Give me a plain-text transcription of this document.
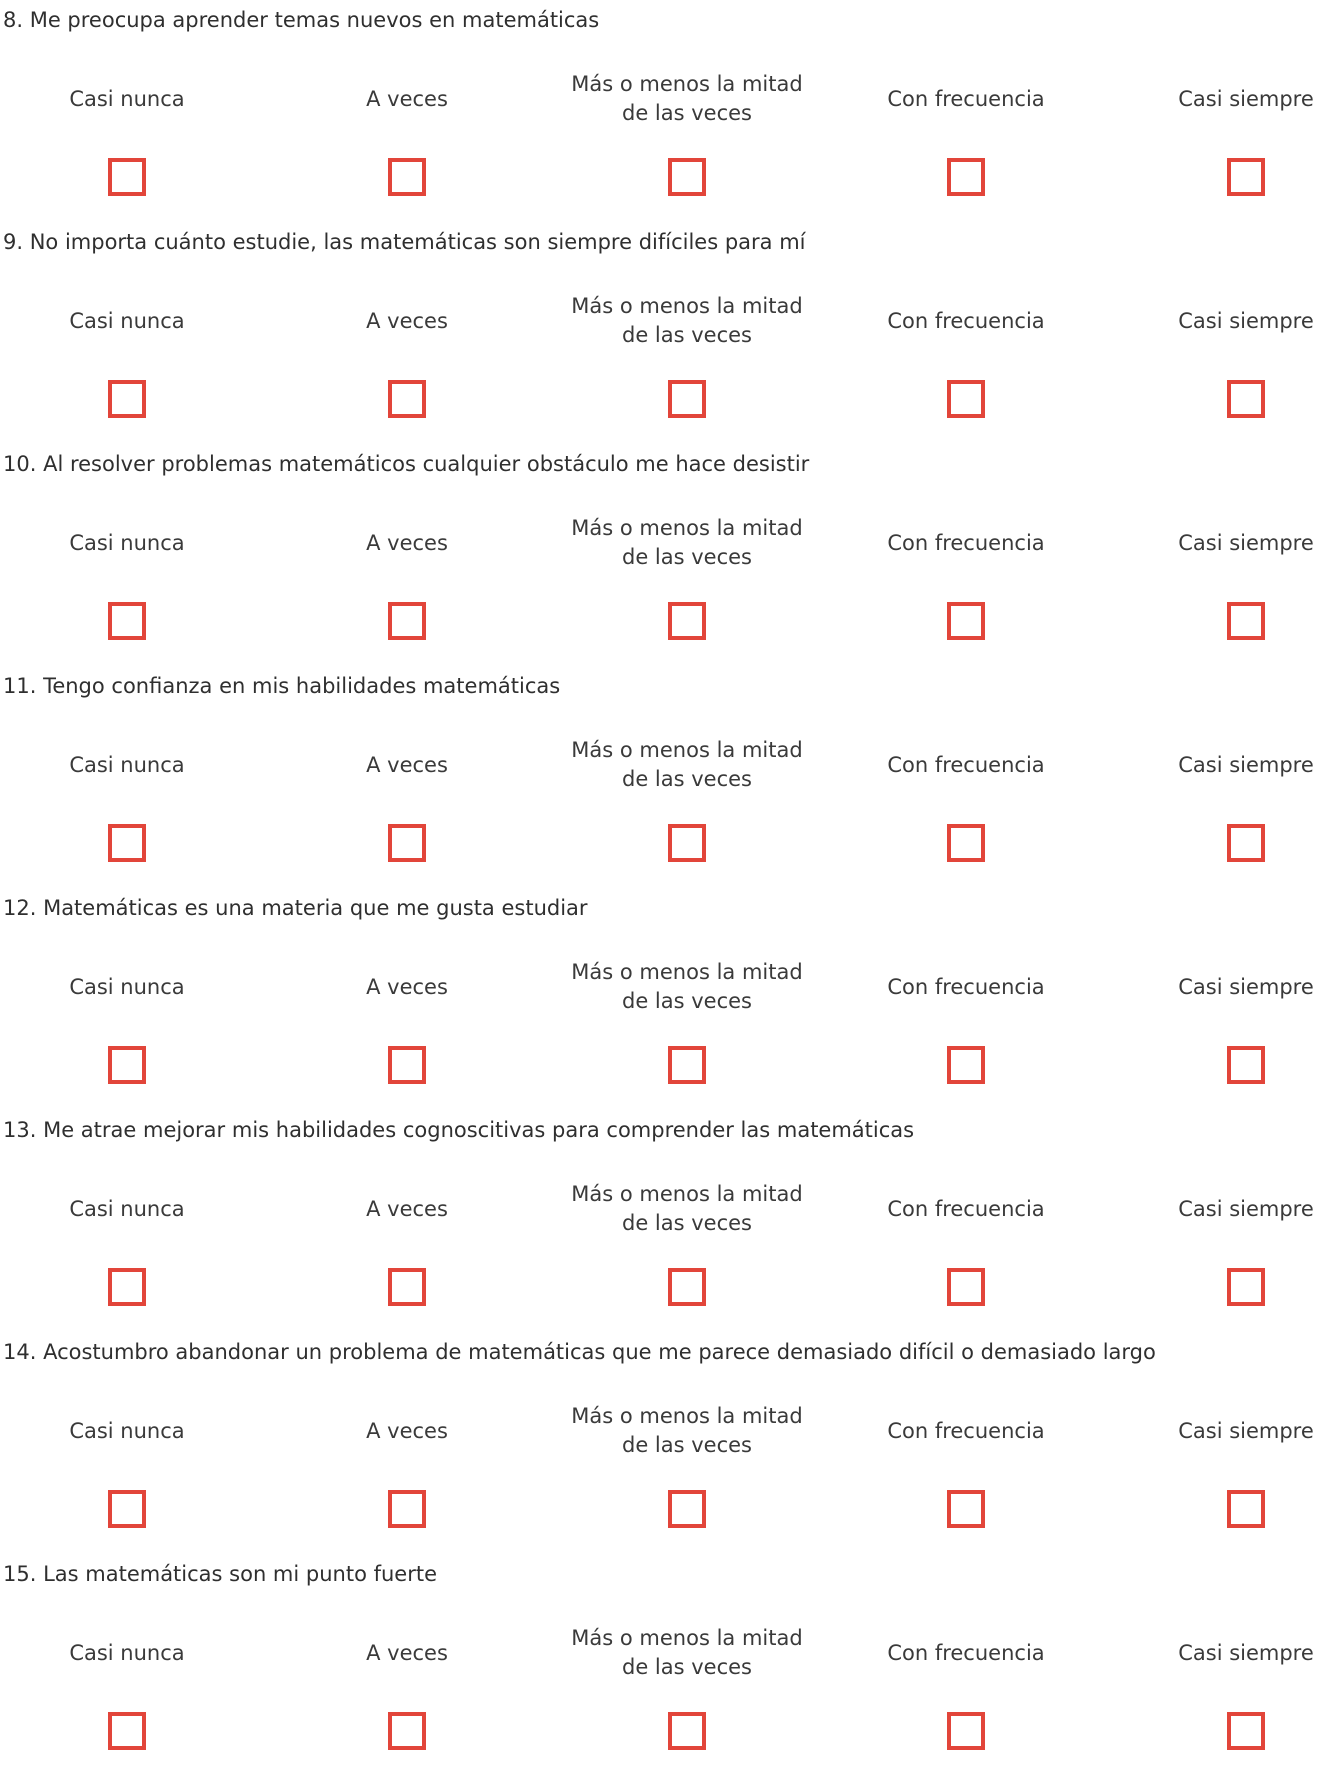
8. Me preocupa aprender temas nuevos en matemáticas
Casi nunca	A veces
Más o menos la mitad
de las veces
Con frecuencia	Casi siempre
9. No importa cuánto estudie, las matemáticas son siempre difíciles para mí
Casi nunca	A veces
Más o menos la mitad
de las veces
Con frecuencia	Casi siempre
10. Al resolver problemas matemáticos cualquier obstáculo me hace desistir
Casi nunca	A veces
Más o menos la mitad
de las veces
Con frecuencia	Casi siempre
11. Tengo confianza en mis habilidades matemáticas
Casi nunca	A veces
Más o menos la mitad
de las veces
Con frecuencia	Casi siempre
12. Matemáticas es una materia que me gusta estudiar
Casi nunca	A veces
Más o menos la mitad
de las veces
Con frecuencia	Casi siempre
13. Me atrae mejorar mis habilidades cognoscitivas para comprender las matemáticas
Casi nunca	A veces
Más o menos la mitad
de las veces
Con frecuencia	Casi siempre
14. Acostumbro abandonar un problema de matemáticas que me parece demasiado difícil o demasiado largo
Casi nunca	A veces
Más o menos la mitad
de las veces
Con frecuencia	Casi siempre
15. Las matemáticas son mi punto fuerte
Casi nunca	A veces
Más o menos la mitad
de las veces
Con frecuencia	Casi siempre
